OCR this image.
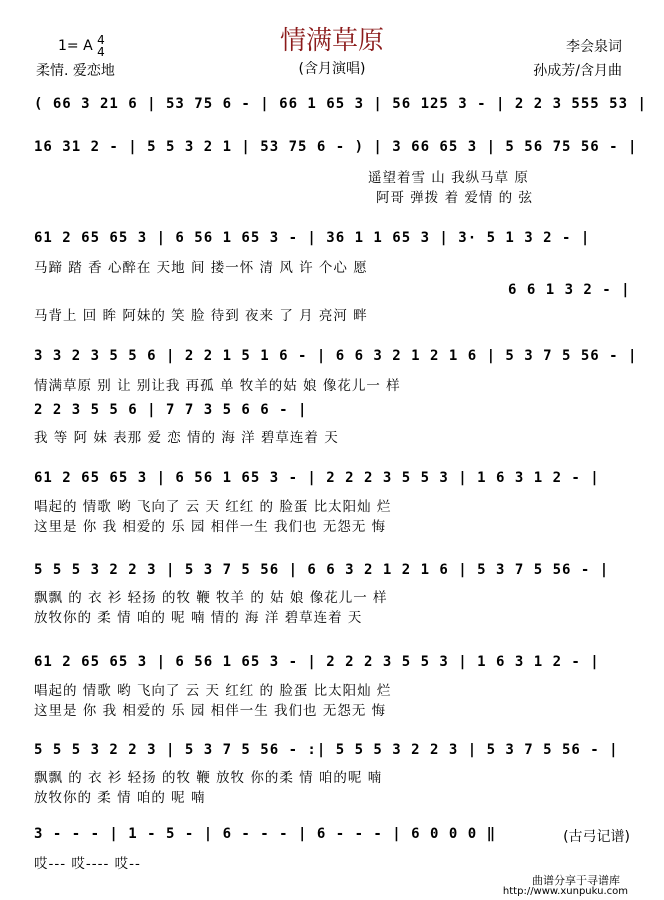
情满草原
1= A 4
4
柔情. 爱恋地	(含月演唱)
李会泉词
孙成芳/含月曲
( 66 3 21 6 | 53 75 6 - | 66 1 65 3 | 56 125 3 - | 2 2 3 555 53 |
16 31 2 - | 5 5 3 2 1 | 53 75 6 - ) | 3 66 65 3 | 5 56 75 56 - |
遥望着雪 山 我纵马草 原
阿哥 弹拨 着 爱情 的 弦
61 2 65 65 3 | 6 56 1 65 3 - | 36 1 1 65 3 | 3· 5 1 3 2 - |
马蹄 踏 香 心醉在 天地 间 搂一怀 清 风 许 个心 愿
6 6 1 3 2 - |
马背上 回 眸 阿妹的 笑 脸 待到 夜来 了 月 亮河 畔
3 3 2 3 5 5 6 | 2 2 1 5 1 6 - | 6 6 3 2 1 2 1 6 | 5 3 7 5 56 - |
情满草原 别 让 别让我 再孤 单 牧羊的姑 娘 像花儿一 样
2 2 3 5 5 6 | 7 7 3 5 6 6 - |
我 等 阿 妹 表那 爱 恋 情的 海 洋 碧草连着 天
61 2 65 65 3 | 6 56 1 65 3 - | 2 2 2 3 5 5 3 | 1 6 3 1 2 - |
唱起的 情歌 哟 飞向了 云 天 红红 的 脸蛋 比太阳灿 烂
这里是 你 我 相爱的 乐 园 相伴一生 我们也 无怨无 悔
5 5 5 3 2 2 3 | 5 3 7 5 56 | 6 6 3 2 1 2 1 6 | 5 3 7 5 56 - |
飘飘 的 衣 衫 轻扬 的牧 鞭 牧羊 的 姑 娘 像花儿一 样
放牧你的 柔 情 咱的 呢 喃 情的 海 洋 碧草连着 天
61 2 65 65 3 | 6 56 1 65 3 - | 2 2 2 3 5 5 3 | 1 6 3 1 2 - |
唱起的 情歌 哟 飞向了 云 天 红红 的 脸蛋 比太阳灿 烂
这里是 你 我 相爱的 乐 园 相伴一生 我们也 无怨无 悔
5 5 5 3 2 2 3 | 5 3 7 5 56 - :| 5 5 5 3 2 2 3 | 5 3 7 5 56 - |
飘飘 的 衣 衫 轻扬 的牧 鞭 放牧 你的柔 情 咱的呢 喃
放牧你的 柔 情 咱的 呢 喃
3 - - - | 1 - 5 - | 6 - - - | 6 - - - | 6 0 0 0 ‖
哎--- 哎---- 哎--
(古弓记谱)
曲谱分享于寻谱库
http://www.xunpuku.com
